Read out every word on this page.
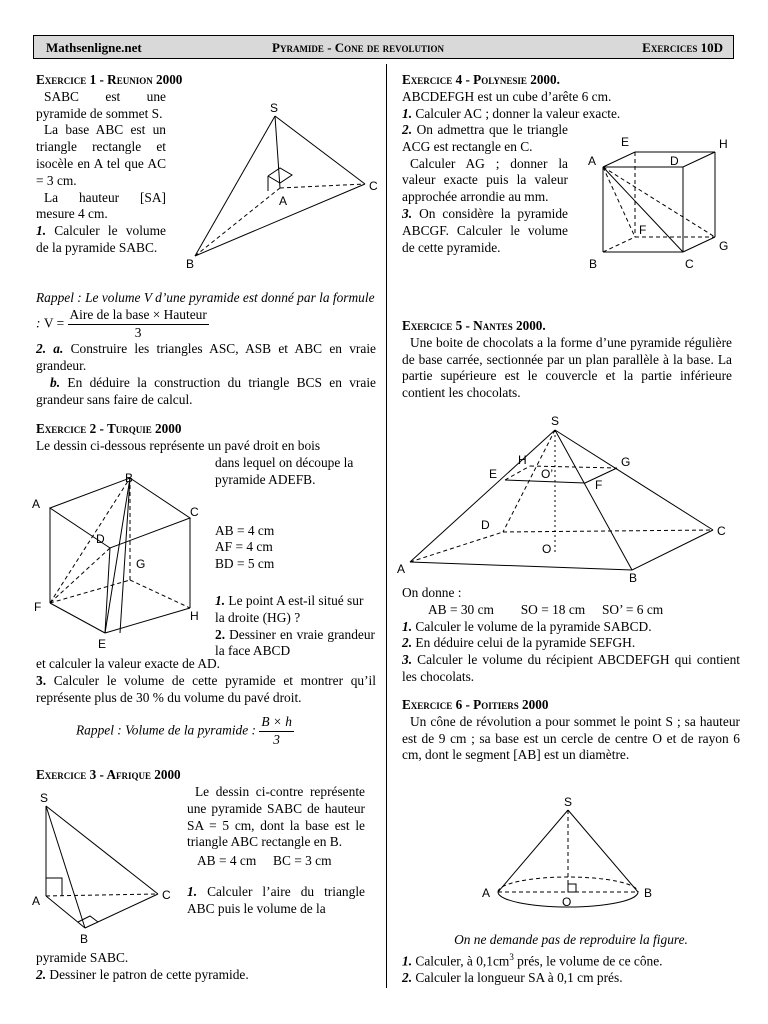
Mathsenligne.net	Pyramide - Cone de revolution	Exercices 10D

Exercice 1 - Reunion 2000

SABC est une pyramide de sommet S.

La base ABC est un triangle rectangle et isocèle en A tel que AC = 3 cm.

La hauteur [SA] mesure 4 cm.

1. Calculer le volume de la pyramide SABC.

S
A
B
C

Rappel : Le volume V d’une pyramide est donné par la formule : $V = \frac{\text{Aire de la base × Hauteur}}{3}$

2. a. Construire les triangles ASC, ASB et ABC en vraie grandeur.

b. En déduire la construction du triangle BCS en vraie grandeur sans faire de calcul.

Exercice 2 - Turquie 2000

Le dessin ci-dessous représente un pavé droit en bois

dans lequel on découpe la pyramide ADEFB.

AB = 4 cm

AF = 4 cm

BD = 5 cm

1. Le point A est-il situé sur la droite (HG) ?

2. Dessiner en vraie grandeur la face ABCD

B
A
C
D
G
F
H
E

et calculer la valeur exacte de AD.

3. Calculer le volume de cette pyramide et montrer qu’il représente plus de 30 % du volume du pavé droit.

Rappel : Volume de la pyramide : $\frac{B \times h}{3}$

Exercice 3 - Afrique 2000

Le dessin ci-contre représente une pyramide SABC de hauteur SA = 5 cm, dont la base est le triangle ABC rectangle en B.

AB = 4 cm BC = 3 cm

1. Calculer l’aire du triangle ABC puis le volume de la

S
A
B
C

pyramide SABC.

2. Dessiner le patron de cette pyramide.

Exercice 4 - Polynesie 2000.

ABCDEFGH est un cube d’arête 6 cm.

1. Calculer AC ; donner la valeur exacte.

2. On admettra que le triangle ACG est rectangle en C.

Calculer AG ; donner la valeur exacte puis la valeur approchée arrondie au mm.

3. On considère la pyramide ABCGF. Calculer le volume de cette pyramide.

E	H
A	D
F
G
B	C

Exercice 5 - Nantes 2000.

Une boite de chocolats a la forme d’une pyramide régulière de base carrée, sectionnée par un plan parallèle à la base. La partie supérieure est le couvercle et la partie inférieure contient les chocolats.

S
H
O’
G
E
F
D
O
C
A
B

On donne :

AB = 30 cm SO = 18 cm SO’ = 6 cm

1. Calculer le volume de la pyramide SABCD.

2. En déduire celui de la pyramide SEFGH.

3. Calculer le volume du récipient ABCDEFGH qui contient les chocolats.

Exercice 6 - Poitiers 2000

Un cône de révolution a pour sommet le point S ; sa hauteur est de 9 cm ; sa base est un cercle de centre O et de rayon 6 cm, dont le segment [AB] est un diamètre.

S
A	B
O

On ne demande pas de reproduire la figure.

1. Calculer, à $0,1cm^3$ prés, le volume de ce cône.

2. Calculer la longueur SA à 0,1 cm prés.
